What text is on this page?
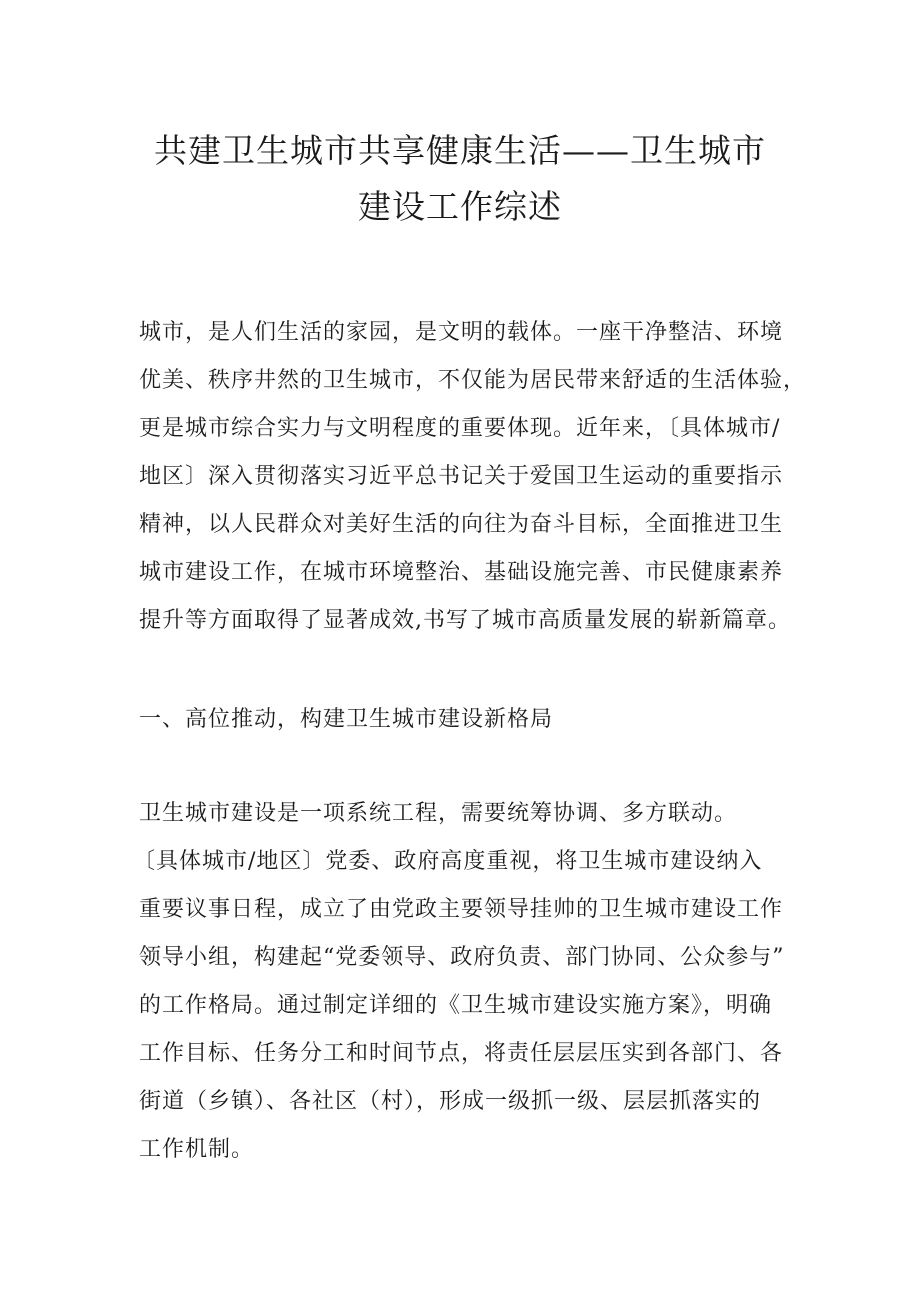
共建卫生城市共享健康生活——卫生城市
建设工作综述
城市，是人们生活的家园，是文明的载体。一座干净整洁、环境
优美、秩序井然的卫生城市，不仅能为居民带来舒适的生活体验，
更是城市综合实力与文明程度的重要体现。近年来，〔具体城市/
地区〕深入贯彻落实习近平总书记关于爱国卫生运动的重要指示
精神，以人民群众对美好生活的向往为奋斗目标，全面推进卫生
城市建设工作，在城市环境整治、基础设施完善、市民健康素养
提升等方面取得了显著成效,书写了城市高质量发展的崭新篇章。
一、高位推动，构建卫生城市建设新格局
卫生城市建设是一项系统工程，需要统筹协调、多方联动。
〔具体城市/地区〕党委、政府高度重视，将卫生城市建设纳入
重要议事日程，成立了由党政主要领导挂帅的卫生城市建设工作
领导小组，构建起“党委领导、政府负责、部门协同、公众参与”
的工作格局。通过制定详细的《卫生城市建设实施方案》，明确
工作目标、任务分工和时间节点，将责任层层压实到各部门、各
街道（乡镇）、各社区（村），形成一级抓一级、层层抓落实的
工作机制。
